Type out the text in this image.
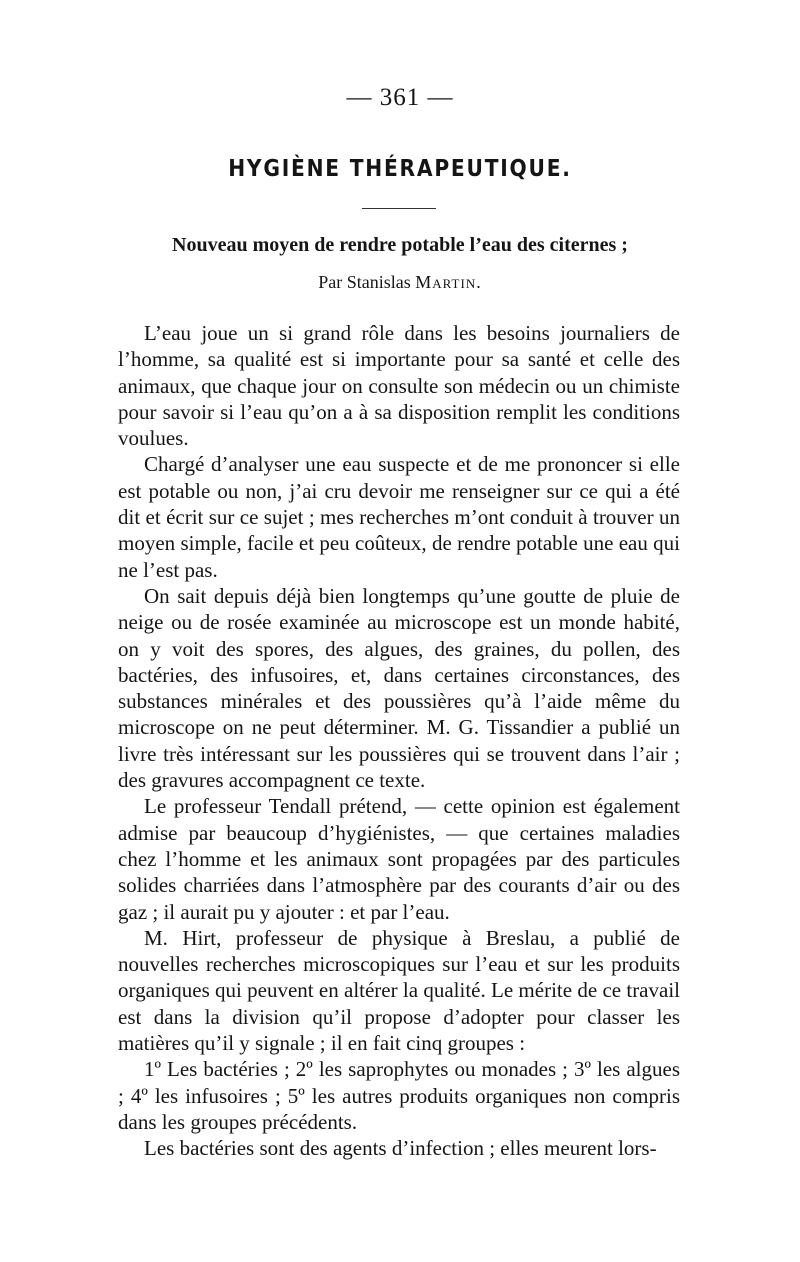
— 361 —
HYGIÈNE THÉRAPEUTIQUE.
Nouveau moyen de rendre potable l’eau des citernes ;
Par Stanislas Martin.

L’eau joue un si grand rôle dans les besoins journaliers de l’homme, sa qualité est si importante pour sa santé et celle des animaux, que chaque jour on consulte son médecin ou un chimiste pour savoir si l’eau qu’on a à sa disposition remplit les conditions voulues.

Chargé d’analyser une eau suspecte et de me prononcer si elle est potable ou non, j’ai cru devoir me renseigner sur ce qui a été dit et écrit sur ce sujet ; mes recherches m’ont conduit à trouver un moyen simple, facile et peu coûteux, de rendre potable une eau qui ne l’est pas.

On sait depuis déjà bien longtemps qu’une goutte de pluie de neige ou de rosée examinée au microscope est un monde habité, on y voit des spores, des algues, des graines, du pollen, des bactéries, des infusoires, et, dans certaines circonstances, des substances minérales et des poussières qu’à l’aide même du microscope on ne peut déterminer. M. G. Tissandier a publié un livre très intéressant sur les poussières qui se trouvent dans l’air ; des gravures accompagnent ce texte.

Le professeur Tendall prétend, — cette opinion est également admise par beaucoup d’hygiénistes, — que certaines maladies chez l’homme et les animaux sont propagées par des particules solides charriées dans l’atmosphère par des courants d’air ou des gaz ; il aurait pu y ajouter : et par l’eau.

M. Hirt, professeur de physique à Breslau, a publié de nouvelles recherches microscopiques sur l’eau et sur les produits organiques qui peuvent en altérer la qualité. Le mérite de ce travail est dans la division qu’il propose d’adopter pour classer les matières qu’il y signale ; il en fait cinq groupes :

1º Les bactéries ; 2º les saprophytes ou monades ; 3º les algues ; 4º les infusoires ; 5º les autres produits organiques non compris dans les groupes précédents.

Les bactéries sont des agents d’infection ; elles meurent lors-
